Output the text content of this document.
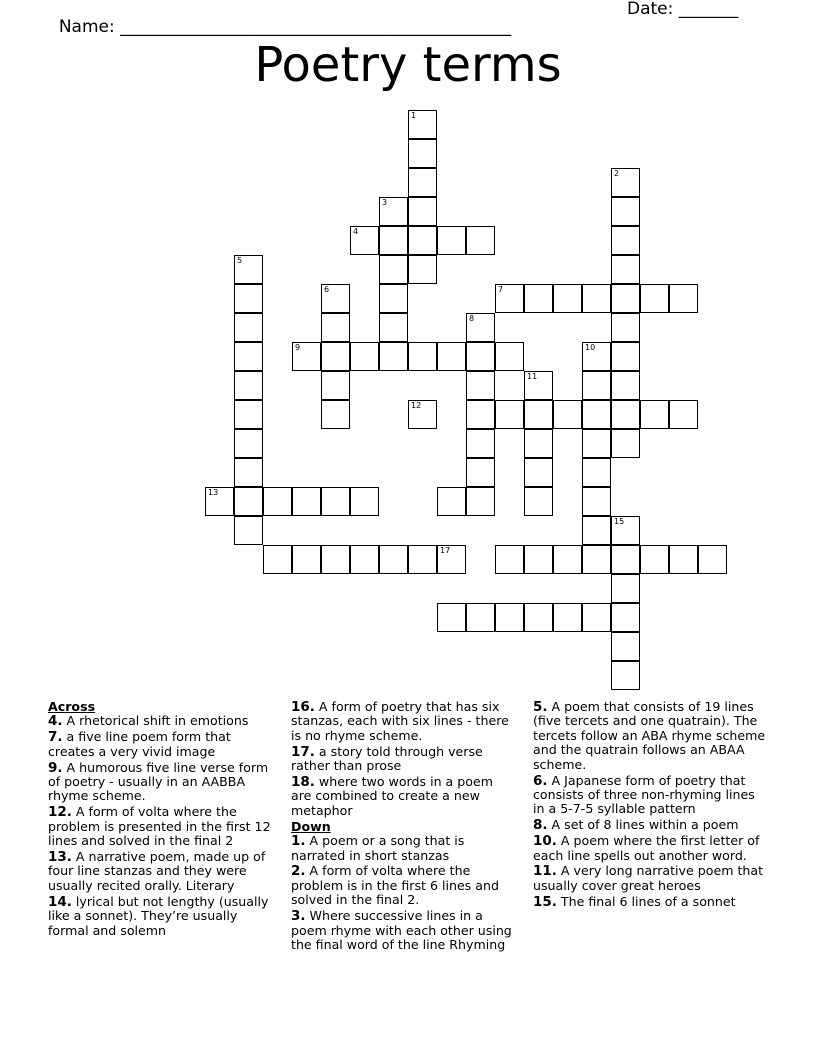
Name: ______________________________________________

Date: _______

Poetry terms
1
2
3
4
5
6	7
8
9	10
11
12
13
15
17
Across
4. A rhetorical shift in emotions
7. a five line poem form that creates a very vivid image
9. A humorous five line verse form of poetry - usually in an AABBA rhyme scheme.
12. A form of volta where the problem is presented in the first 12 lines and solved in the final 2
13. A narrative poem, made up of four line stanzas and they were usually recited orally. Literary
14. lyrical but not lengthy (usually like a sonnet). They’re usually formal and solemn
16. A form of poetry that has six stanzas, each with six lines - there is no rhyme scheme.
17. a story told through verse rather than prose
18. where two words in a poem are combined to create a new metaphor
Down
1. A poem or a song that is narrated in short stanzas
2. A form of volta where the problem is in the first 6 lines and solved in the final 2.
3. Where successive lines in a poem rhyme with each other using the final word of the line Rhyming
5. A poem that consists of 19 lines (five tercets and one quatrain). The tercets follow an ABA rhyme scheme and the quatrain follows an ABAA scheme.
6. A Japanese form of poetry that consists of three non-rhyming lines in a 5-7-5 syllable pattern
8. A set of 8 lines within a poem
10. A poem where the first letter of each line spells out another word.
11. A very long narrative poem that usually cover great heroes
15. The final 6 lines of a sonnet
